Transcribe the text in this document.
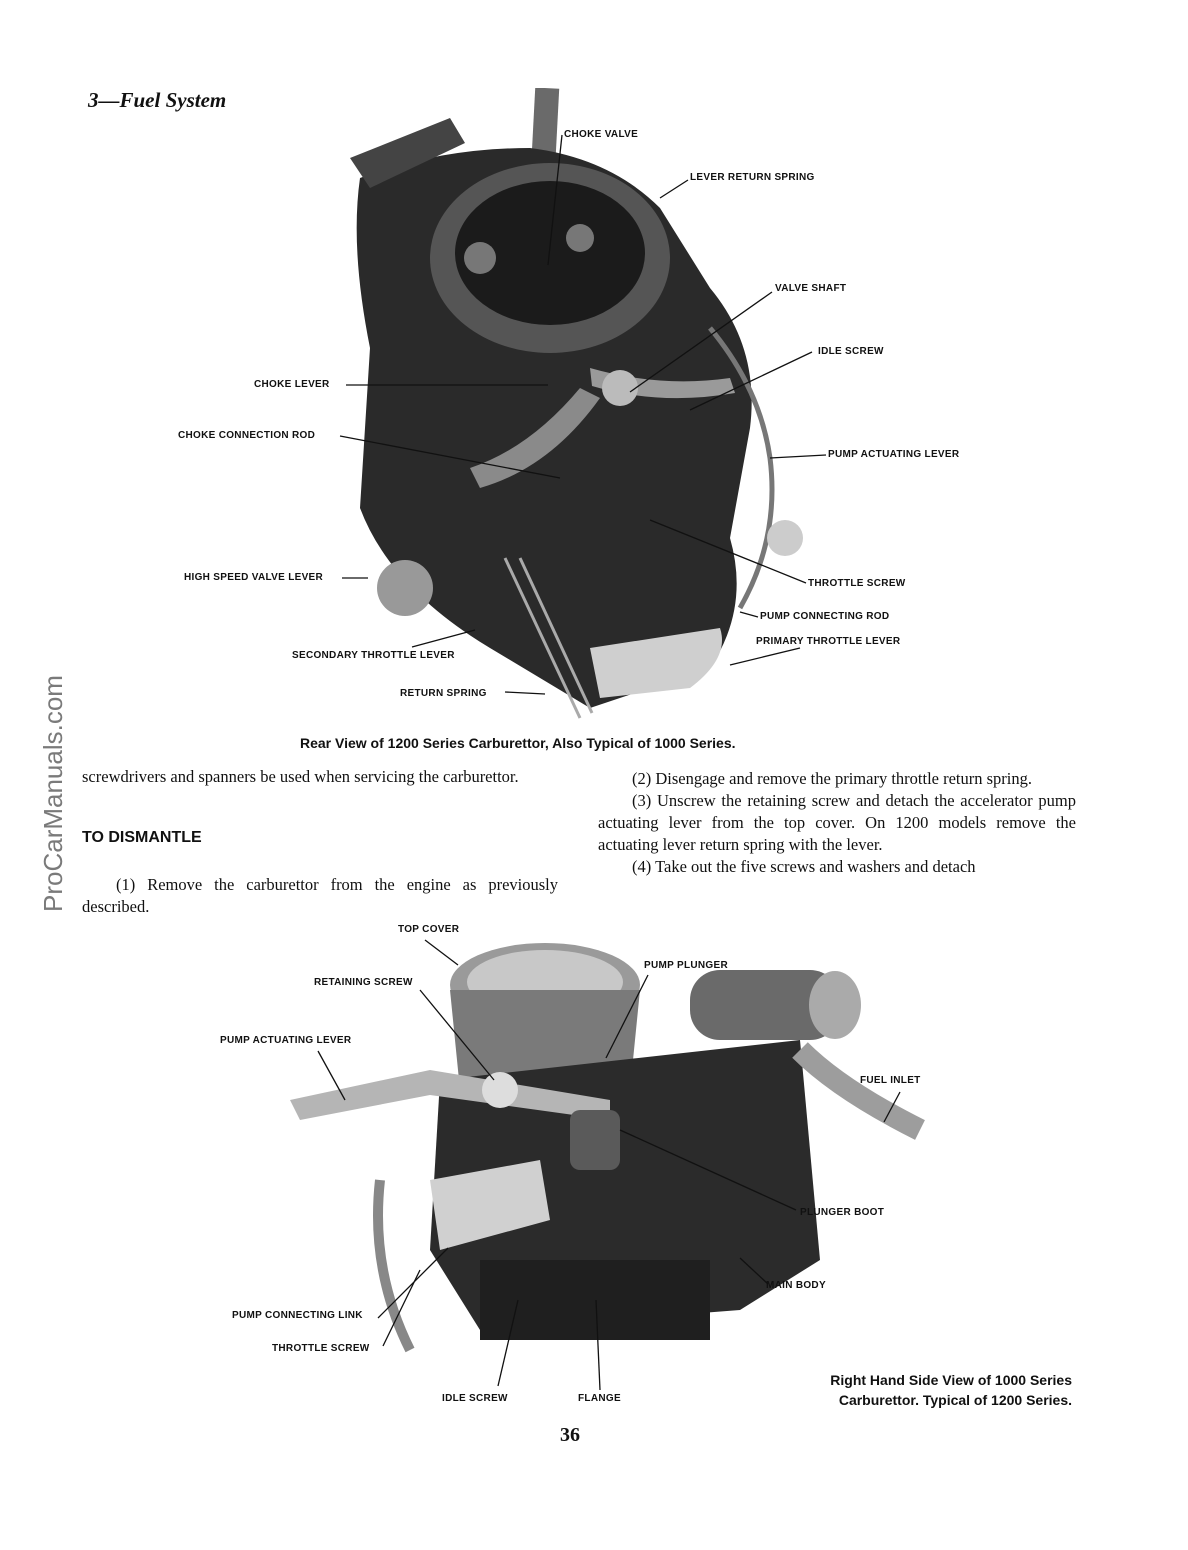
3—Fuel System
ProCarManuals.com
CHOKE VALVE
LEVER RETURN SPRING
VALVE SHAFT
IDLE SCREW
CHOKE LEVER
CHOKE CONNECTION ROD
PUMP ACTUATING LEVER
HIGH SPEED VALVE LEVER
THROTTLE SCREW
PUMP CONNECTING ROD
PRIMARY THROTTLE LEVER
SECONDARY THROTTLE LEVER
RETURN SPRING
Rear View of 1200 Series Carburettor, Also Typical of 1000 Series.

screwdrivers and spanners be used when servicing the carburettor.

TO DISMANTLE

(1) Remove the carburettor from the engine as previously described.

(2) Disengage and remove the primary throttle return spring.

(3) Unscrew the retaining screw and detach the accelerator pump actuating lever from the top cover. On 1200 models remove the actuating lever return spring with the lever.

(4) Take out the five screws and washers and detach

TOP COVER
RETAINING SCREW
PUMP PLUNGER
PUMP ACTUATING LEVER
FUEL INLET
PLUNGER BOOT
MAIN BODY
PUMP CONNECTING LINK
THROTTLE SCREW
IDLE SCREW	FLANGE
Right Hand Side View of 1000 Series
Carburettor. Typical of 1200 Series.
36
